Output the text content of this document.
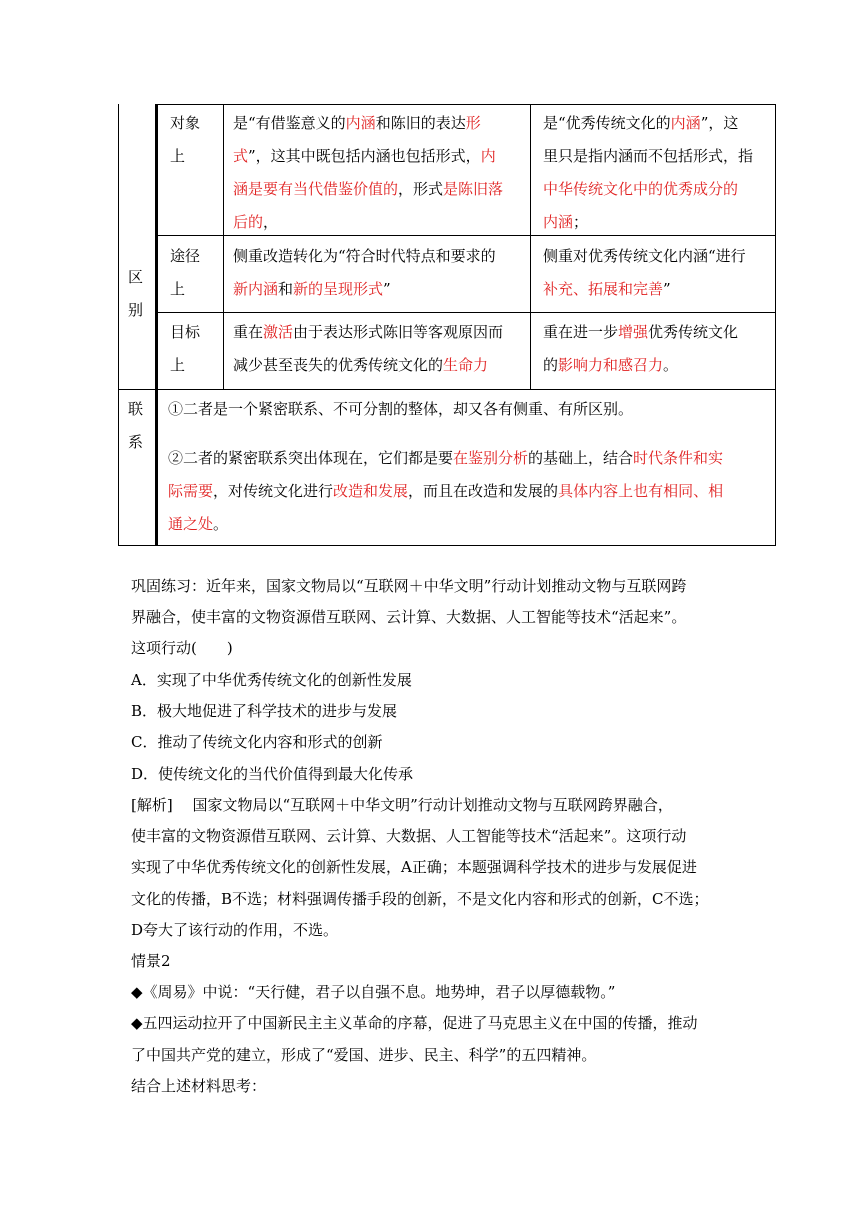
区
别
联
系
对象
上
是“有借鉴意义的内涵和陈旧的表达形
式”，这其中既包括内涵也包括形式，内
涵是要有当代借鉴价值的，形式是陈旧落
后的，
是“优秀传统文化的内涵”，这
里只是指内涵而不包括形式，指
中华传统文化中的优秀成分的
内涵；
途径
上
侧重改造转化为“符合时代特点和要求的
新内涵和新的呈现形式”
侧重对优秀传统文化内涵“进行
补充、拓展和完善”
目标
上
重在激活由于表达形式陈旧等客观原因而
减少甚至丧失的优秀传统文化的生命力
重在进一步增强优秀传统文化
的影响力和感召力。
①二者是一个紧密联系、不可分割的整体，却又各有侧重、有所区别。
②二者的紧密联系突出体现在，它们都是要在鉴别分析的基础上，结合时代条件和实
际需要，对传统文化进行改造和发展，而且在改造和发展的具体内容上也有相同、相
通之处。
巩固练习：近年来，国家文物局以“互联网＋中华文明”行动计划推动文物与互联网跨
界融合，使丰富的文物资源借互联网、云计算、大数据、人工智能等技术“活起来”。
这项行动(　　)
A．实现了中华优秀传统文化的创新性发展
B．极大地促进了科学技术的进步与发展
C．推动了传统文化内容和形式的创新
D．使传统文化的当代价值得到最大化传承
[解析]　 国家文物局以“互联网＋中华文明”行动计划推动文物与互联网跨界融合，
使丰富的文物资源借互联网、云计算、大数据、人工智能等技术“活起来”。这项行动
实现了中华优秀传统文化的创新性发展，A正确；本题强调科学技术的进步与发展促进
文化的传播，B不选；材料强调传播手段的创新，不是文化内容和形式的创新，C不选；
D夸大了该行动的作用，不选。
情景2
◆《周易》中说：“天行健，君子以自强不息。地势坤，君子以厚德载物。”
◆五四运动拉开了中国新民主主义革命的序幕，促进了马克思主义在中国的传播，推动
了中国共产党的建立，形成了“爱国、进步、民主、科学”的五四精神。
结合上述材料思考：
